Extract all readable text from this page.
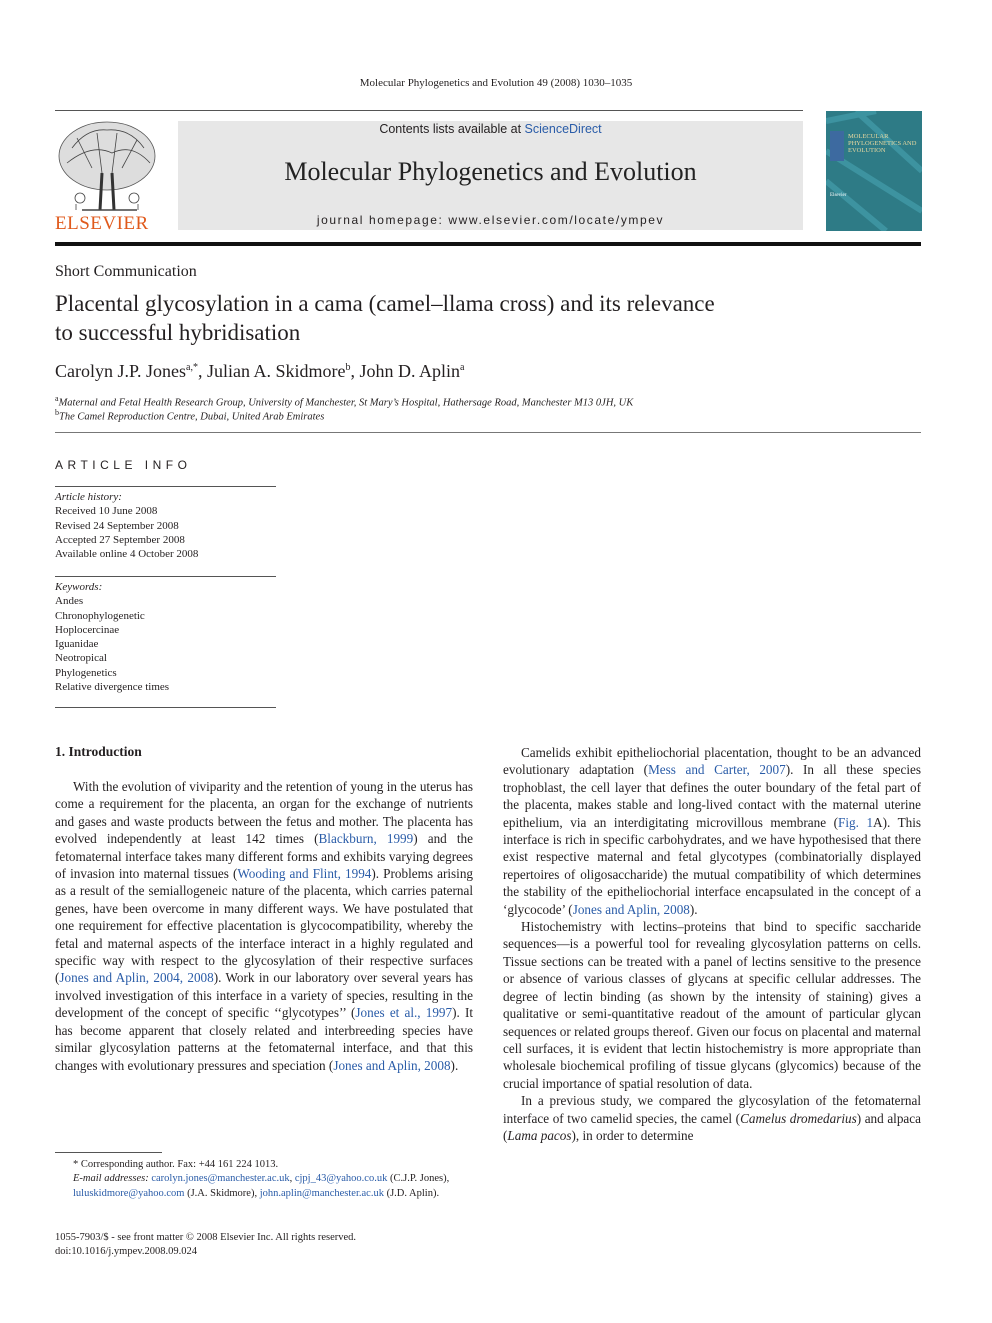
Molecular Phylogenetics and Evolution 49 (2008) 1030–1035
ELSEVIER
Contents lists available at ScienceDirect
Molecular Phylogenetics and Evolution
journal homepage: www.elsevier.com/locate/ympev
MOLECULAR PHYLOGENETICS AND EVOLUTION
Elsevier
Short Communication
Placental glycosylation in a cama (camel–llama cross) and its relevance
to successful hybridisation
Carolyn J.P. Jones$^{a,*}$, Julian A. Skidmore$^b$, John D. Aplin$^a$
$^a$Maternal and Fetal Health Research Group, University of Manchester, St Mary’s Hospital, Hathersage Road, Manchester M13 0JH, UK
$^b$The Camel Reproduction Centre, Dubai, United Arab Emirates
ARTICLE INFO
Article history:
Received 10 June 2008
Revised 24 September 2008
Accepted 27 September 2008
Available online 4 October 2008
Keywords:
Andes
Chronophylogenetic
Hoplocercinae
Iguanidae
Neotropical
Phylogenetics
Relative divergence times
1. Introduction

With the evolution of viviparity and the retention of young in the uterus has come a requirement for the placenta, an organ for the exchange of nutrients and gases and waste products between the fetus and mother. The placenta has evolved independently at least 142 times (Blackburn, 1999) and the fetomaternal interface takes many different forms and exhibits varying degrees of invasion into maternal tissues (Wooding and Flint, 1994). Problems arising as a result of the semiallogeneic nature of the placenta, which carries paternal genes, have been overcome in many different ways. We have postulated that one requirement for effective placentation is glycocompatibility, whereby the fetal and maternal aspects of the interface interact in a highly regulated and specific way with respect to the glycosylation of their respective surfaces (Jones and Aplin, 2004, 2008). Work in our laboratory over several years has involved investigation of this interface in a variety of species, resulting in the development of the concept of specific ‘‘glycotypes’’ (Jones et al., 1997). It has become apparent that closely related and interbreeding species have similar glycosylation patterns at the fetomaternal interface, and that this changes with evolutionary pressures and speciation (Jones and Aplin, 2008).

Camelids exhibit epitheliochorial placentation, thought to be an advanced evolutionary adaptation (Mess and Carter, 2007). In all these species trophoblast, the cell layer that defines the outer boundary of the fetal part of the placenta, makes stable and long-lived contact with the maternal uterine epithelium, via an interdigitating microvillous membrane (Fig. 1A). This interface is rich in specific carbohydrates, and we have hypothesised that there exist respective maternal and fetal glycotypes (combinatorially displayed repertoires of oligosaccharide) the mutual compatibility of which determines the stability of the epitheliochorial interface encapsulated in the concept of a ‘glycocode’ (Jones and Aplin, 2008).

Histochemistry with lectins–proteins that bind to specific saccharide sequences—is a powerful tool for revealing glycosylation patterns on cells. Tissue sections can be treated with a panel of lectins sensitive to the presence or absence of various classes of glycans at specific cellular addresses. The degree of lectin binding (as shown by the intensity of staining) gives a qualitative or semi-quantitative readout of the amount of particular glycan sequences or related groups thereof. Given our focus on placental and maternal cell surfaces, it is evident that lectin histochemistry is more appropriate than wholesale biochemical profiling of tissue glycans (glycomics) because of the crucial importance of spatial resolution of data.

In a previous study, we compared the glycosylation of the fetomaternal interface of two camelid species, the camel (Camelus dromedarius) and alpaca (Lama pacos), in order to determine

* Corresponding author. Fax: +44 161 224 1013.

E-mail addresses: carolyn.jones@manchester.ac.uk, cjpj_43@yahoo.co.uk (C.J.P. Jones), luluskidmore@yahoo.com (J.A. Skidmore), john.aplin@manchester.ac.uk (J.D. Aplin).

1055-7903/$ - see front matter © 2008 Elsevier Inc. All rights reserved.
doi:10.1016/j.ympev.2008.09.024
